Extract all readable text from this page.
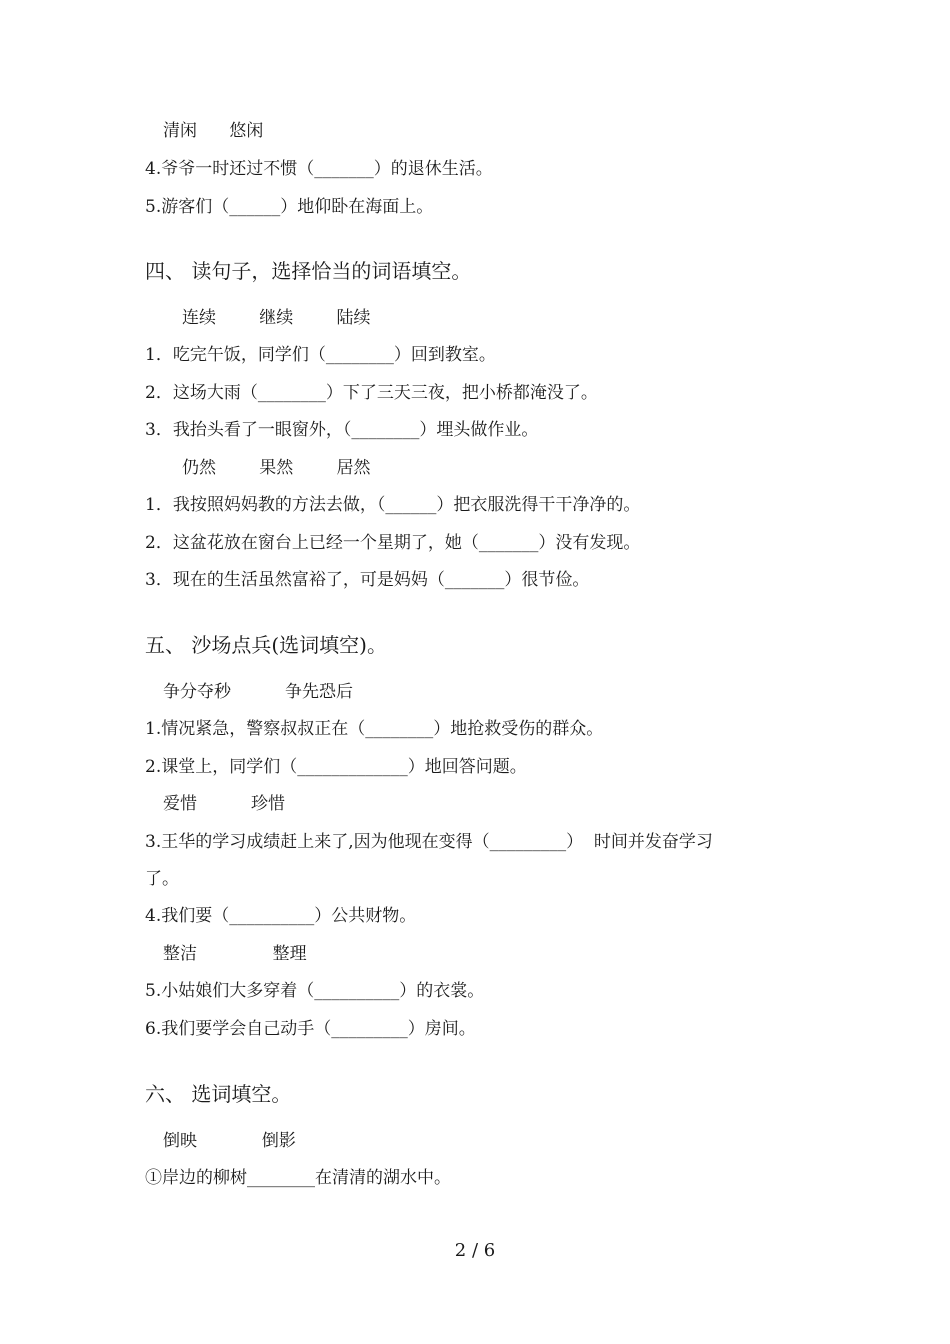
清闲      悠闲
4.爷爷一时还过不惯（_______）的退休生活。
5.游客们（______）地仰卧在海面上。
四、 读句子，选择恰当的词语填空。
连续        继续        陆续
1．吃完午饭，同学们（________）回到教室。
2．这场大雨（________）下了三天三夜，把小桥都淹没了。
3．我抬头看了一眼窗外，（________）埋头做作业。
仍然        果然        居然
1．我按照妈妈教的方法去做，（______）把衣服洗得干干净净的。
2．这盆花放在窗台上已经一个星期了，她（_______）没有发现。
3．现在的生活虽然富裕了，可是妈妈（_______）很节俭。
五、 沙场点兵(选词填空)。
争分夺秒          争先恐后
1.情况紧急，警察叔叔正在（________）地抢救受伤的群众。
2.课堂上，同学们（_____________）地回答问题。
爱惜          珍惜
3.王华的学习成绩赶上来了,因为他现在变得（_________）  时间并发奋学习
了。
4.我们要（__________）公共财物。
整洁              整理
5.小姑娘们大多穿着（__________）的衣裳。
6.我们要学会自己动手（_________）房间。
六、 选词填空。
倒映            倒影
①岸边的柳树________在清清的湖水中。
2 / 6
